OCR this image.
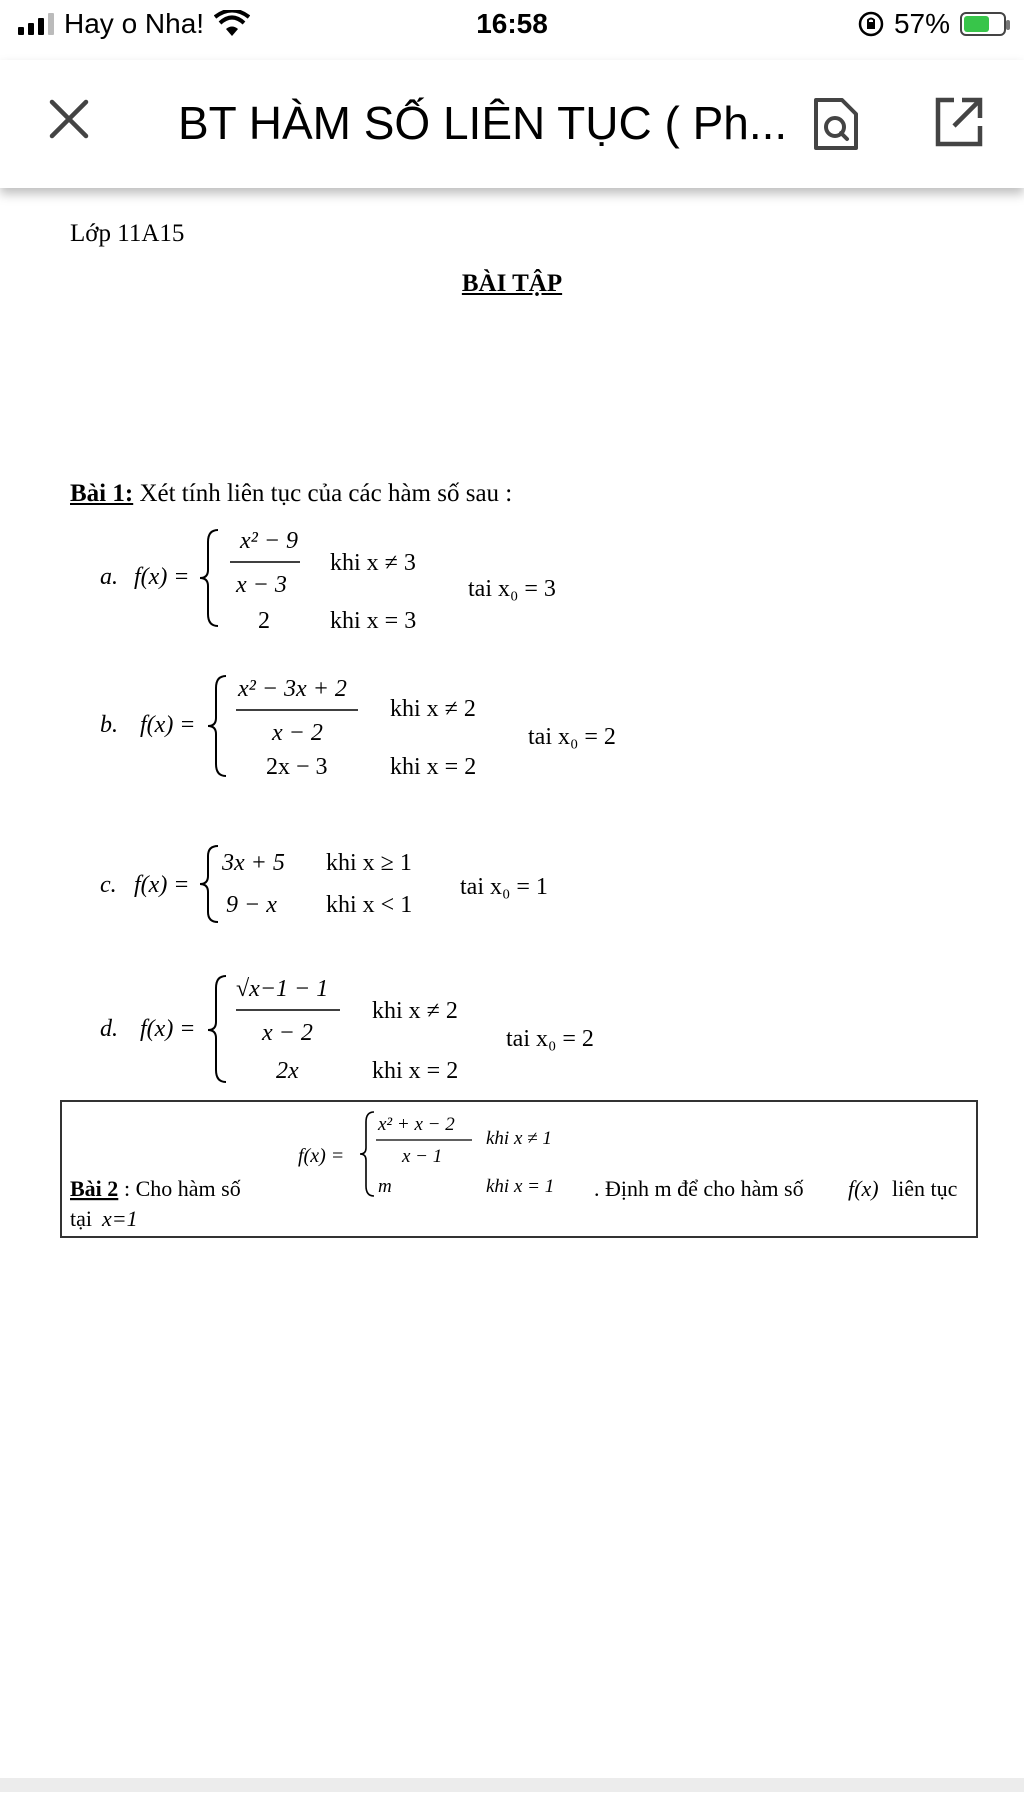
Hay o Nha!	16:58	57%
BT HÀM SỐ LIÊN TỤC ( Ph...
Lớp 11A15
BÀI TẬP
Bài 1: Xét tính liên tục của các hàm số sau :
a. f(x) =
x² − 9
x − 3
khi x ≠ 3
2	khi x = 3
tai x₀ = 3
b. f(x) =
x² − 3x + 2
x − 2
khi x ≠ 2
2x − 3	khi x = 2
tai x₀ = 2
c. f(x) =
3x + 5 khi x ≥ 1
9 − x khi x < 1
tai x₀ = 1
d. f(x) =
√x−1 − 1
x − 2
khi x ≠ 2
2x	khi x = 2
tai x₀ = 2
Bài 2 : Cho hàm số
f(x) =
x² + x − 2
x − 1
khi x ≠ 1
m	khi x = 1 . Định m để cho hàm số f(x) liên tục
tại x=1
